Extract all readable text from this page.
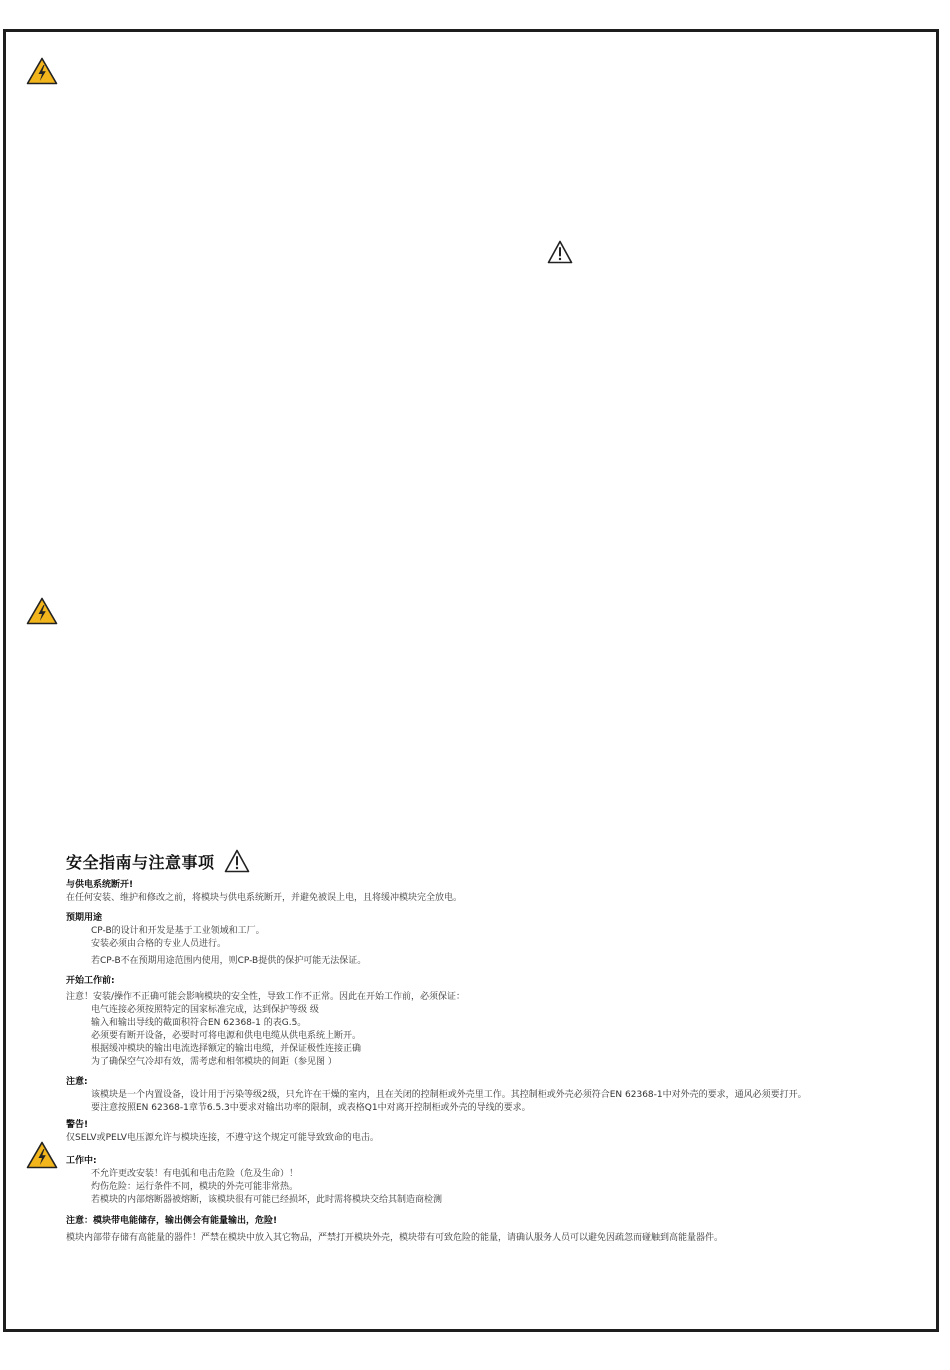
安全指南与注意事项
与供电系统断开!
在任何安装、维护和修改之前，将模块与供电系统断开，并避免被误上电，且将缓冲模块完全放电。
预期用途
CP-B的设计和开发是基于工业领域和工厂。
安装必须由合格的专业人员进行。
若CP-B不在预期用途范围内使用，则CP-B提供的保护可能无法保证。
开始工作前:
注意！安装/操作不正确可能会影响模块的安全性，导致工作不正常。因此在开始工作前，必须保证：
电气连接必须按照特定的国家标准完成，达到保护等级 级
输入和输出导线的截面积符合EN 62368-1 的表G.5。
必须要有断开设备，必要时可将电源和供电电缆从供电系统上断开。
根据缓冲模块的输出电流选择额定的输出电缆，并保证极性连接正确
为了确保空气冷却有效，需考虑和相邻模块的间距（参见图 ）
注意:
该模块是一个内置设备，设计用于污染等级2级，只允许在干燥的室内，且在关闭的控制柜或外壳里工作。其控制柜或外壳必须符合EN 62368-1中对外壳的要求，通风必须要打开。
要注意按照EN 62368-1章节6.5.3中要求对输出功率的限制，或表格Q1中对离开控制柜或外壳的导线的要求。
警告!
仅SELV或PELV电压源允许与模块连接，不遵守这个规定可能导致致命的电击。
工作中:
不允许更改安装！有电弧和电击危险（危及生命）！
灼伤危险：运行条件不同，模块的外壳可能非常热。
若模块的内部熔断器被熔断，该模块很有可能已经损坏，此时需将模块交给其制造商检测
注意：模块带电能储存，输出侧会有能量输出，危险!
模块内部带存储有高能量的器件！严禁在模块中放入其它物品，严禁打开模块外壳，模块带有可致危险的能量，请确认服务人员可以避免因疏忽而碰触到高能量器件。
